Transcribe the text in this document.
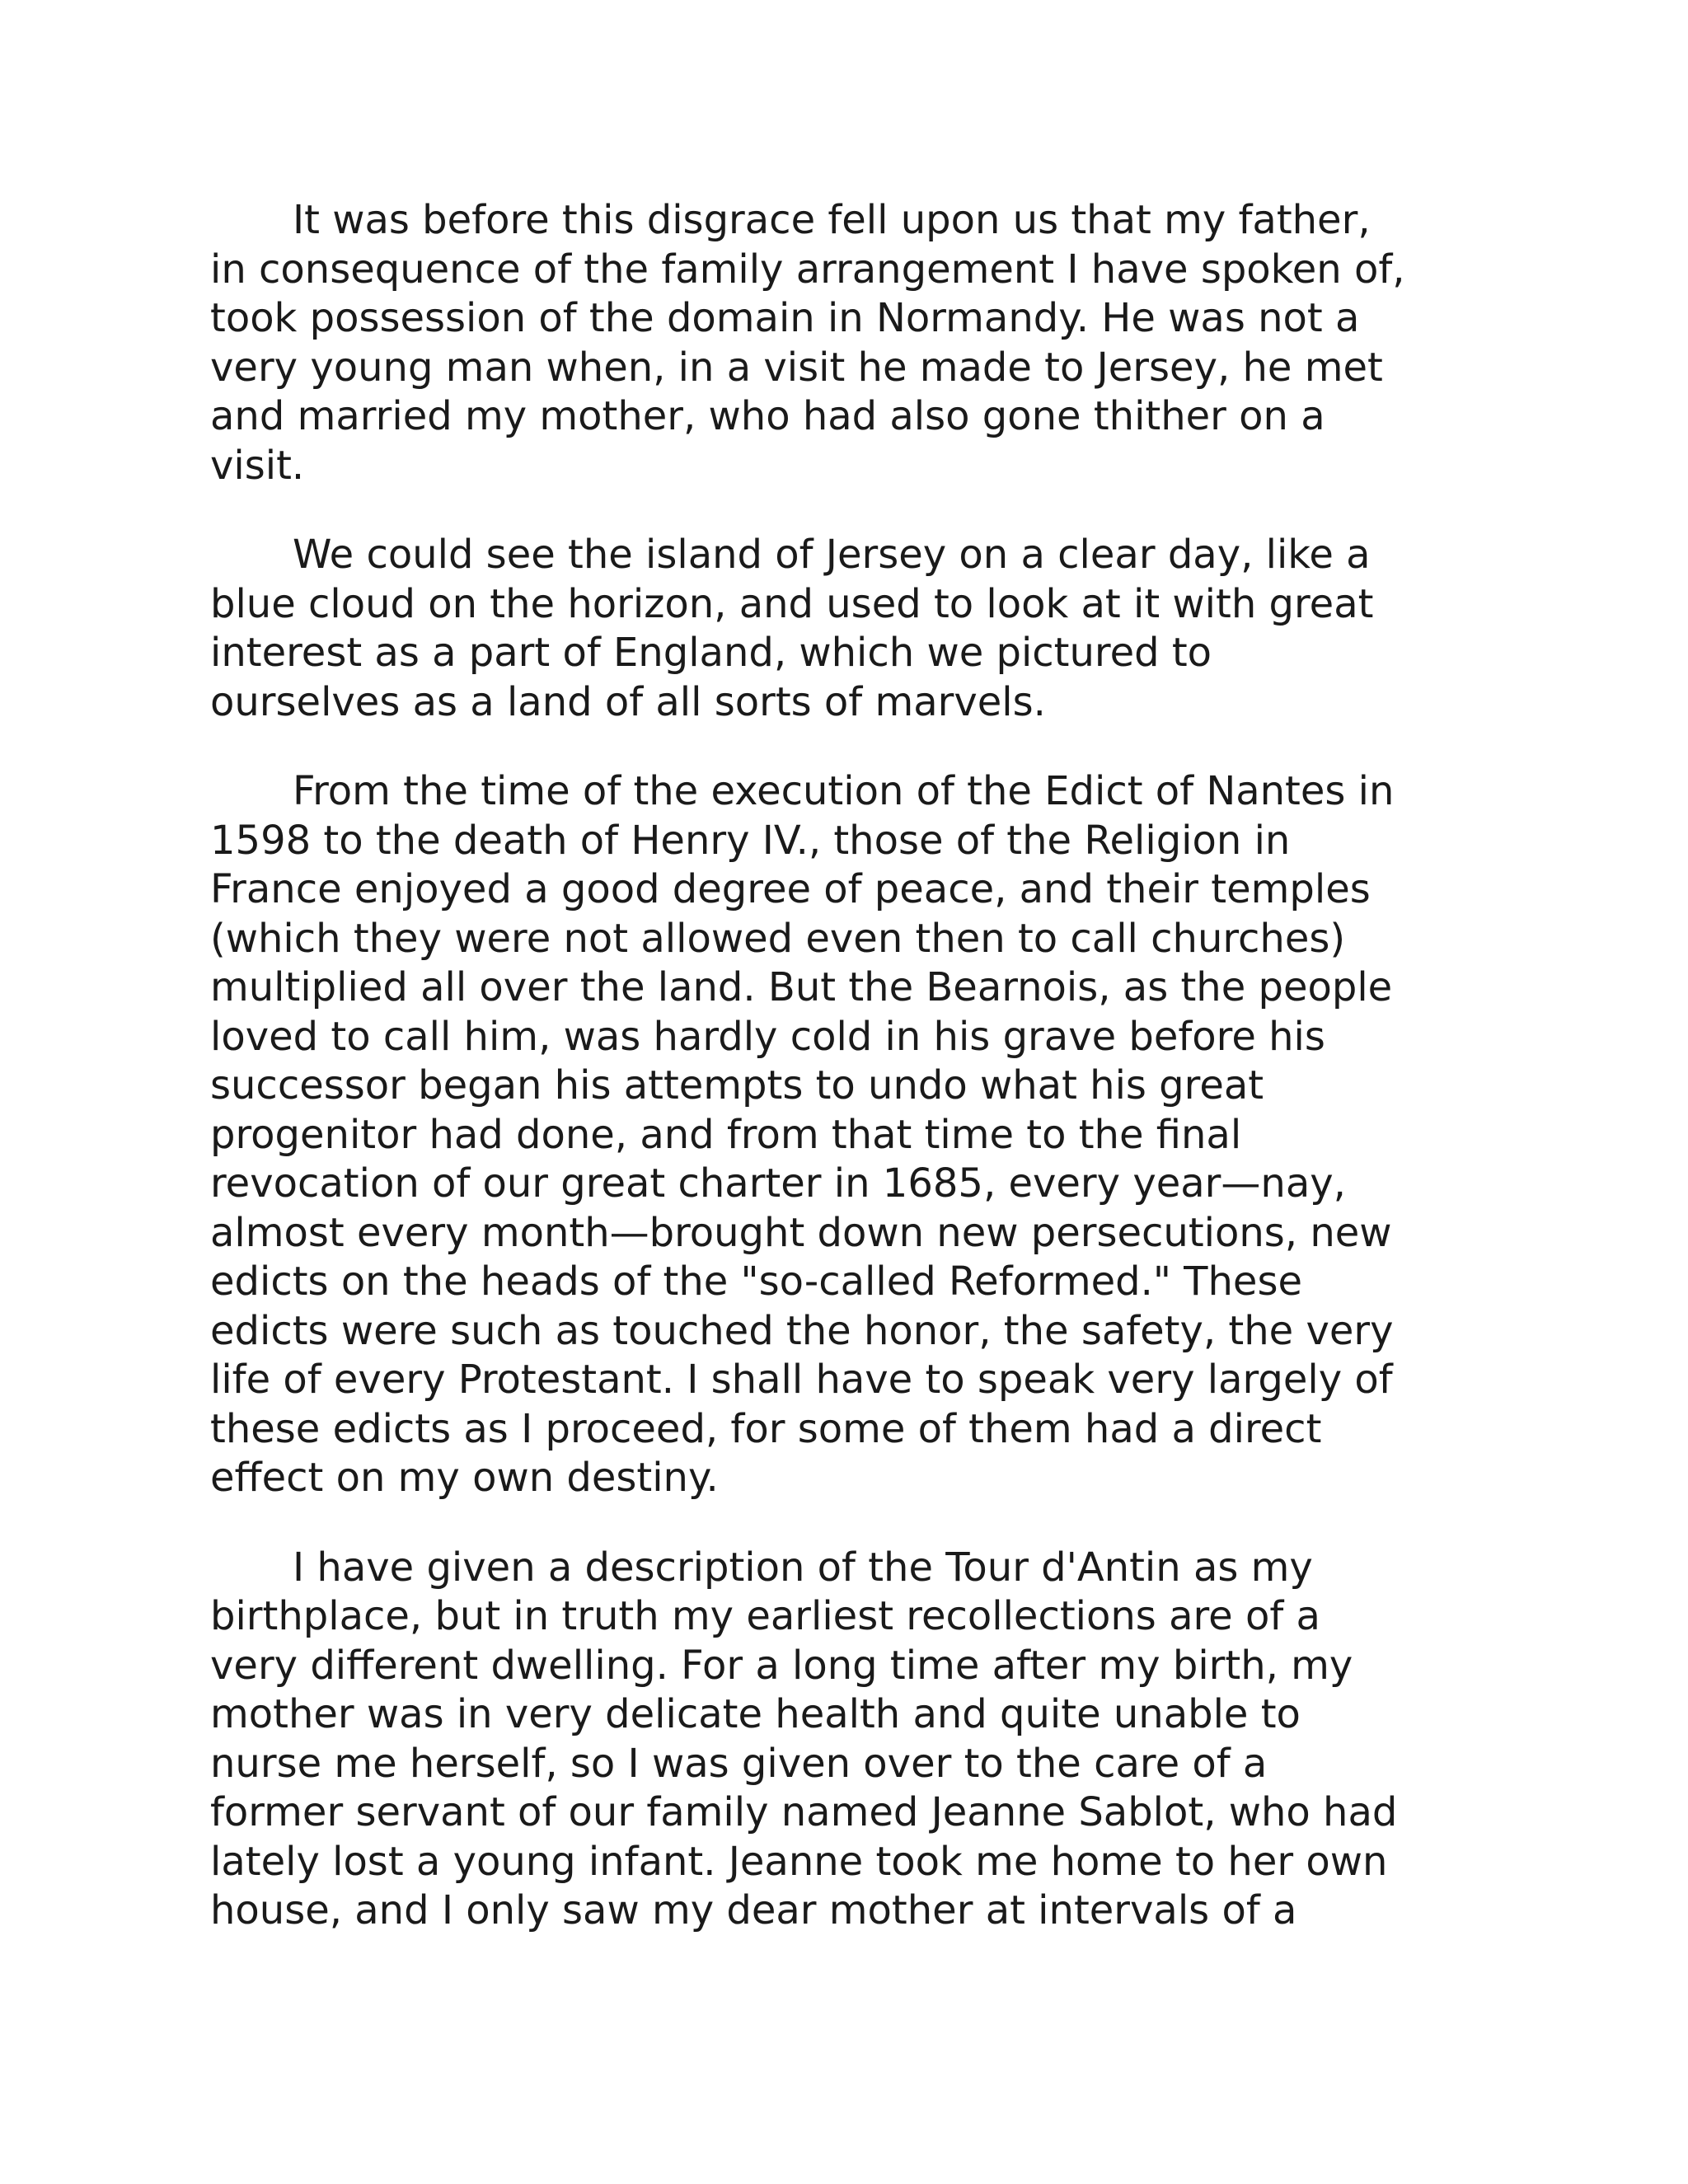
It was before this disgrace fell upon us that my father,
in consequence of the family arrangement I have spoken of,
took possession of the domain in Normandy. He was not a
very young man when, in a visit he made to Jersey, he met
and married my mother, who had also gone thither on a
visit.

We could see the island of Jersey on a clear day, like a
blue cloud on the horizon, and used to look at it with great
interest as a part of England, which we pictured to
ourselves as a land of all sorts of marvels.

From the time of the execution of the Edict of Nantes in
1598 to the death of Henry IV., those of the Religion in
France enjoyed a good degree of peace, and their temples
(which they were not allowed even then to call churches)
multiplied all over the land. But the Bearnois, as the people
loved to call him, was hardly cold in his grave before his
successor began his attempts to undo what his great
progenitor had done, and from that time to the final
revocation of our great charter in 1685, every year—nay,
almost every month—brought down new persecutions, new
edicts on the heads of the "so-called Reformed." These
edicts were such as touched the honor, the safety, the very
life of every Protestant. I shall have to speak very largely of
these edicts as I proceed, for some of them had a direct
effect on my own destiny.

I have given a description of the Tour d'Antin as my
birthplace, but in truth my earliest recollections are of a
very different dwelling. For a long time after my birth, my
mother was in very delicate health and quite unable to
nurse me herself, so I was given over to the care of a
former servant of our family named Jeanne Sablot, who had
lately lost a young infant. Jeanne took me home to her own
house, and I only saw my dear mother at intervals of a
